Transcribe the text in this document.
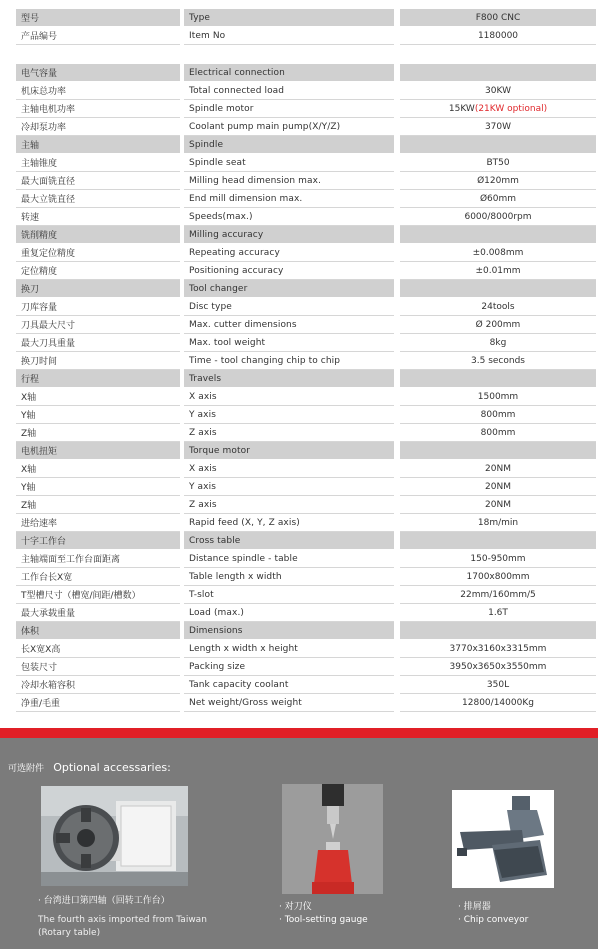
型号	Type	F800 CNC
产品编号	Item No	1180000
电气容量	Electrical connection
机床总功率	Total connected load	30KW
主轴电机功率	Spindle motor	15KW (21KW optional)
冷却泵功率	Coolant pump main pump(X/Y/Z)	370W
主轴	Spindle
主轴锥度	Spindle seat	BT50
最大面铣直径	Milling head dimension max.	Ø120mm
最大立铣直径	End mill dimension max.	Ø60mm
转速	Speeds(max.)	6000/8000rpm
铣削精度	Milling accuracy
重复定位精度	Repeating accuracy	±0.008mm
定位精度	Positioning accuracy	±0.01mm
换刀	Tool changer
刀库容量	Disc type	24tools
刀具最大尺寸	Max. cutter dimensions	Ø 200mm
最大刀具重量	Max. tool weight	8kg
换刀时间	Time - tool changing chip to chip	3.5 seconds
行程	Travels
X轴	X axis	1500mm
Y轴	Y axis	800mm
Z轴	Z axis	800mm
电机扭矩	Torque motor
X轴	X axis	20NM
Y轴	Y axis	20NM
Z轴	Z axis	20NM
进给速率	Rapid feed (X, Y, Z axis)	18m/min
十字工作台	Cross table
主轴端面至工作台面距离	Distance spindle - table	150-950mm
工作台长X宽	Table length x width	1700x800mm
T型槽尺寸（槽宽/间距/槽数）	T-slot	22mm/160mm/5
最大承载重量	Load (max.)	1.6T
体积	Dimensions
长X宽X高	Length x width x height	3770x3160x3315mm
包装尺寸	Packing size	3950x3650x3550mm
冷却水箱容积	Tank capacity coolant	350L
净重/毛重	Net weight/Gross weight	12800/14000Kg
可选附件 Optional accessaries:
· 台湾进口第四轴（回转工作台）
The fourth axis imported from Taiwan (Rotary table)
· 对刀仪
· Tool-setting gauge
· 排屑器
· Chip conveyor
